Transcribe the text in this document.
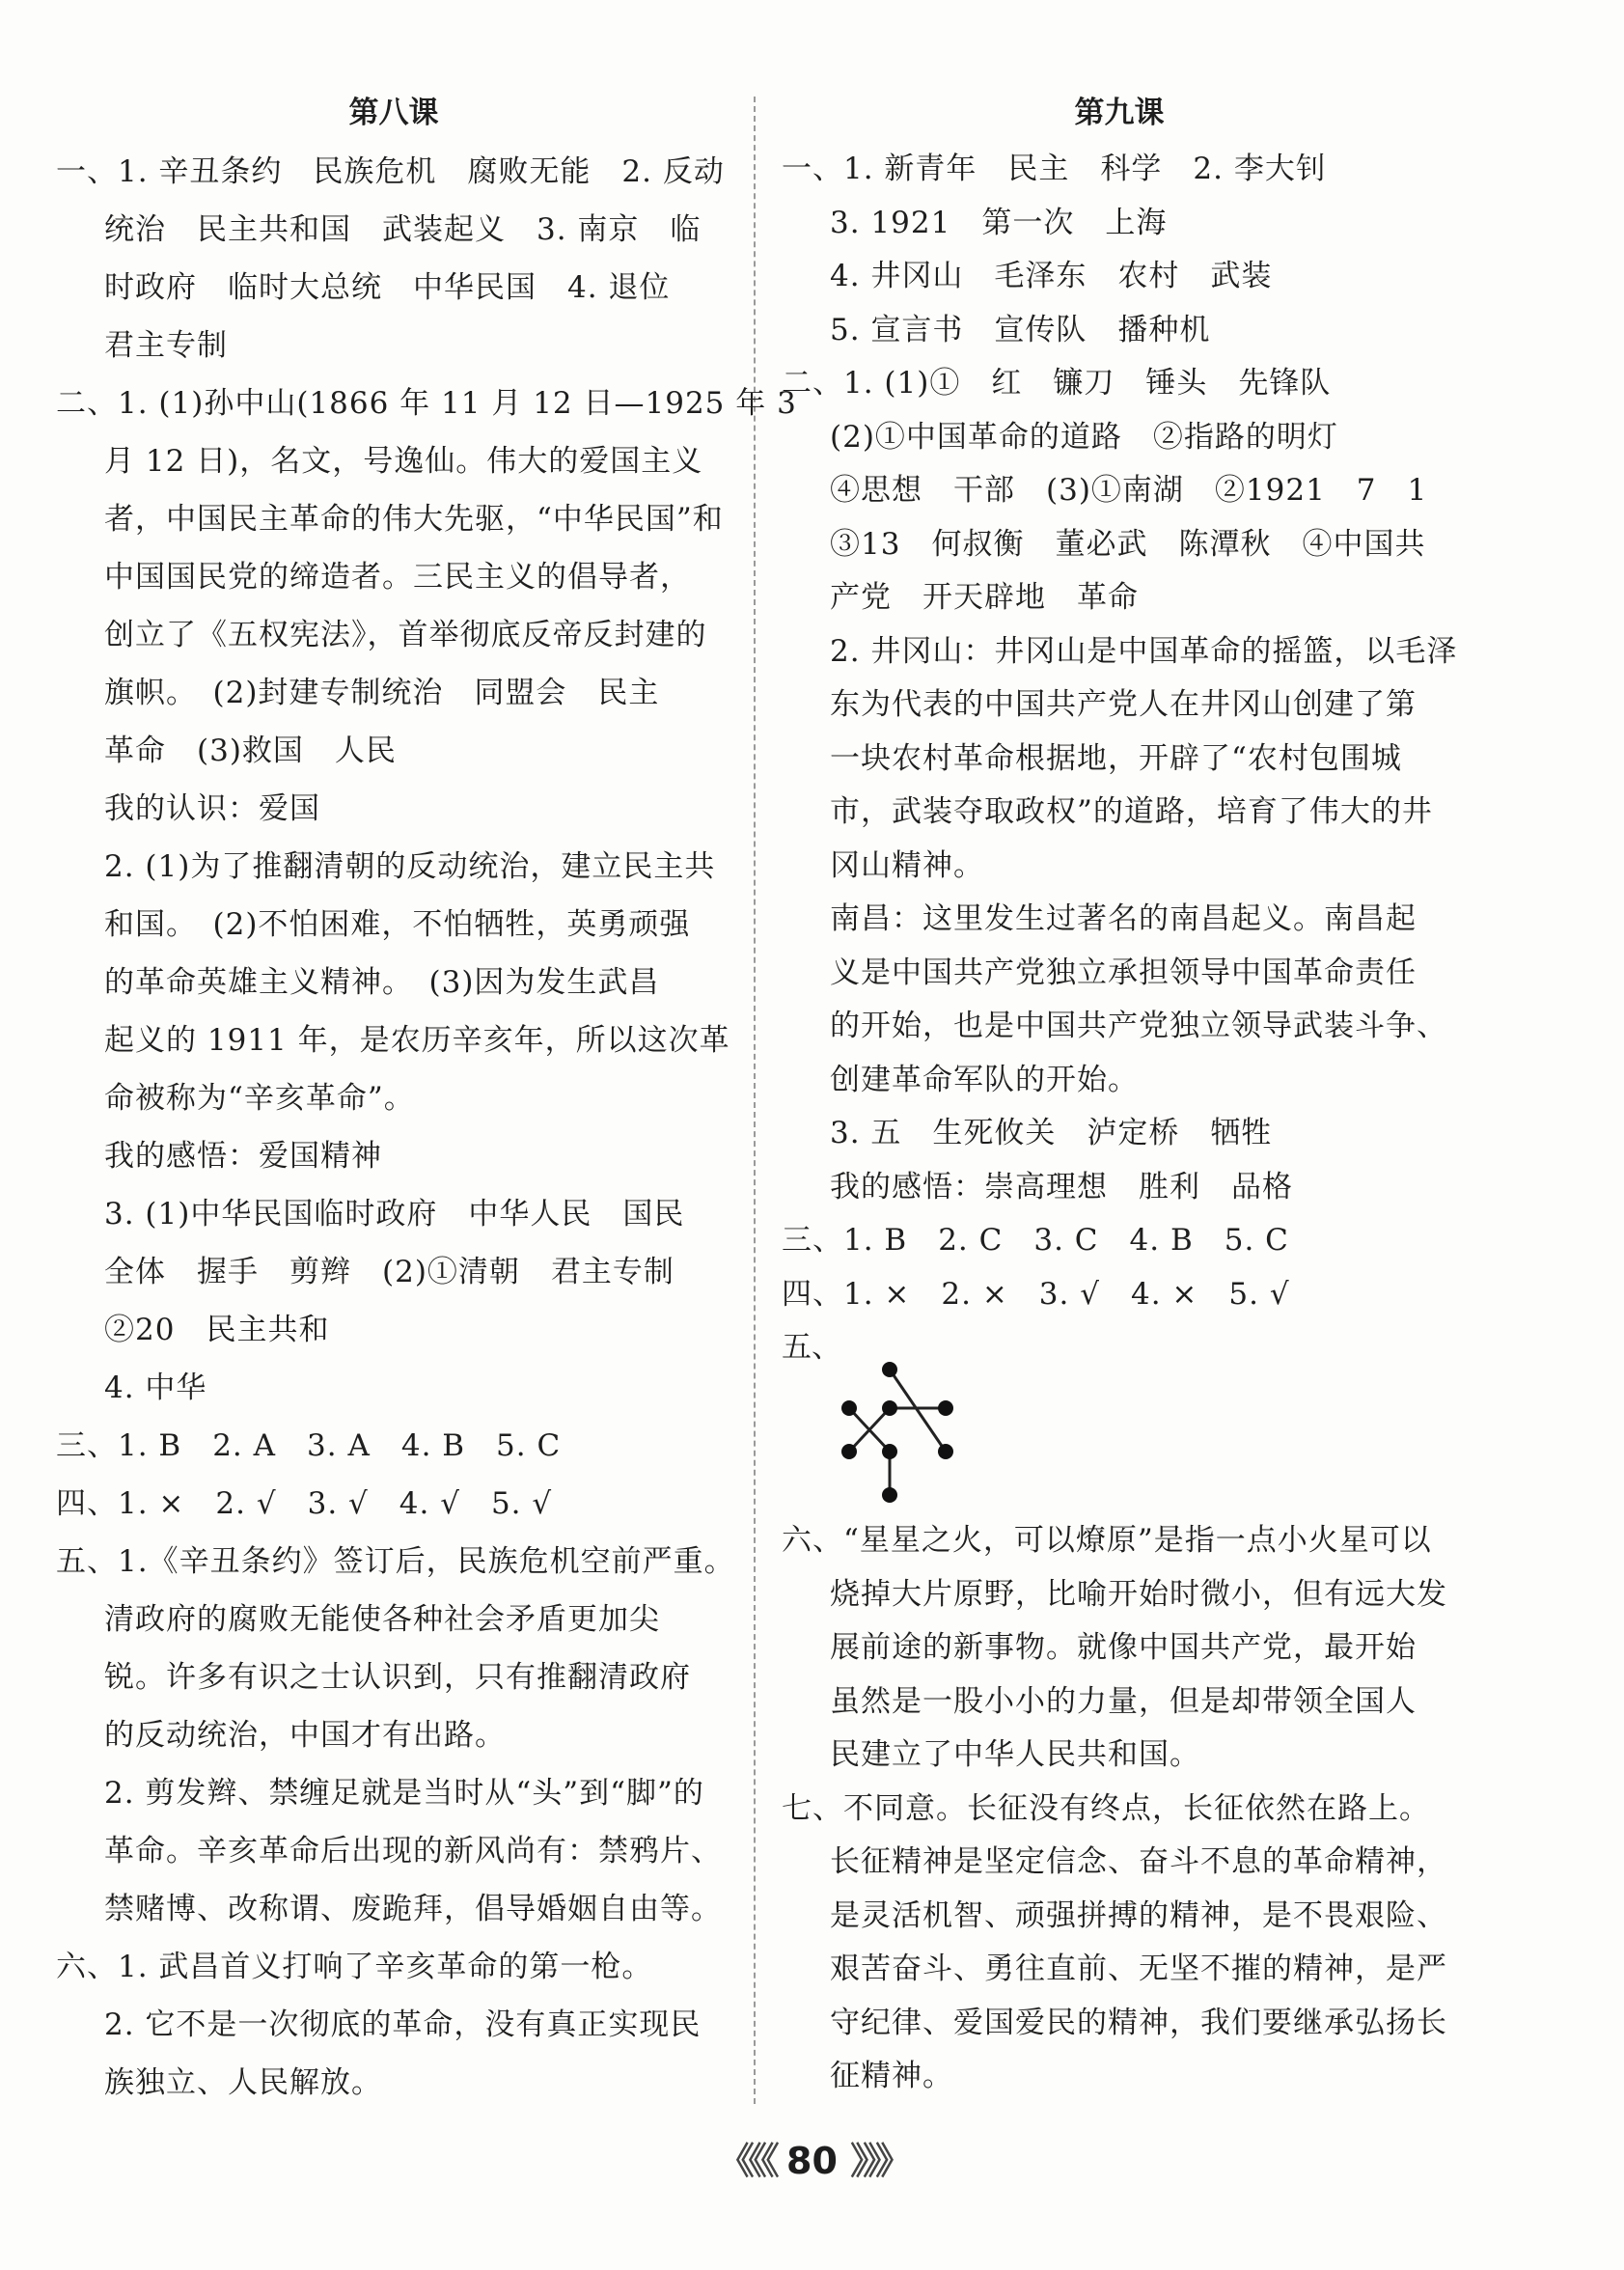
第八课
一、1. 辛丑条约　民族危机　腐败无能　2. 反动
统治　民主共和国　武装起义　3. 南京　临
时政府　临时大总统　中华民国　4. 退位
君主专制
二、1. (1)孙中山(1866 年 11 月 12 日—1925 年 3
月 12 日)，名文，号逸仙。伟大的爱国主义
者，中国民主革命的伟大先驱，“中华民国”和
中国国民党的缔造者。三民主义的倡导者，
创立了《五权宪法》，首举彻底反帝反封建的
旗帜。　(2)封建专制统治　同盟会　民主
革命　(3)救国　人民
我的认识：爱国
2. (1)为了推翻清朝的反动统治，建立民主共
和国。　(2)不怕困难，不怕牺牲，英勇顽强
的革命英雄主义精神。　(3)因为发生武昌
起义的 1911 年，是农历辛亥年，所以这次革
命被称为“辛亥革命”。
我的感悟：爱国精神
3. (1)中华民国临时政府　中华人民　国民
全体　握手　剪辫　(2)①清朝　君主专制
②20　民主共和
4. 中华
三、1. B　2. A　3. A　4. B　5. C
四、1. ×　2. √　3. √　4. √　5. √
五、1.《辛丑条约》签订后，民族危机空前严重。
清政府的腐败无能使各种社会矛盾更加尖
锐。许多有识之士认识到，只有推翻清政府
的反动统治，中国才有出路。
2. 剪发辫、禁缠足就是当时从“头”到“脚”的
革命。辛亥革命后出现的新风尚有：禁鸦片、
禁赌博、改称谓、废跪拜，倡导婚姻自由等。
六、1. 武昌首义打响了辛亥革命的第一枪。
2. 它不是一次彻底的革命，没有真正实现民
族独立、人民解放。
第九课
一、1. 新青年　民主　科学　2. 李大钊
3. 1921　第一次　上海
4. 井冈山　毛泽东　农村　武装
5. 宣言书　宣传队　播种机
二、1. (1)①　红　镰刀　锤头　先锋队
(2)①中国革命的道路　②指路的明灯
④思想　干部　(3)①南湖　②1921　7　1
③13　何叔衡　董必武　陈潭秋　④中国共
产党　开天辟地　革命
2. 井冈山：井冈山是中国革命的摇篮，以毛泽
东为代表的中国共产党人在井冈山创建了第
一块农村革命根据地，开辟了“农村包围城
市，武装夺取政权”的道路，培育了伟大的井
冈山精神。
南昌：这里发生过著名的南昌起义。南昌起
义是中国共产党独立承担领导中国革命责任
的开始，也是中国共产党独立领导武装斗争、
创建革命军队的开始。
3. 五　生死攸关　泸定桥　牺牲
我的感悟：崇高理想　胜利　品格
三、1. B　2. C　3. C　4. B　5. C
四、1. ×　2. ×　3. √　4. ×　5. √
五、
六、“星星之火，可以燎原”是指一点小火星可以
烧掉大片原野，比喻开始时微小，但有远大发
展前途的新事物。就像中国共产党，最开始
虽然是一股小小的力量，但是却带领全国人
民建立了中华人民共和国。
七、不同意。长征没有终点，长征依然在路上。
长征精神是坚定信念、奋斗不息的革命精神，
是灵活机智、顽强拼搏的精神，是不畏艰险、
艰苦奋斗、勇往直前、无坚不摧的精神，是严
守纪律、爱国爱民的精神，我们要继承弘扬长
征精神。
《《《 80 》》》
